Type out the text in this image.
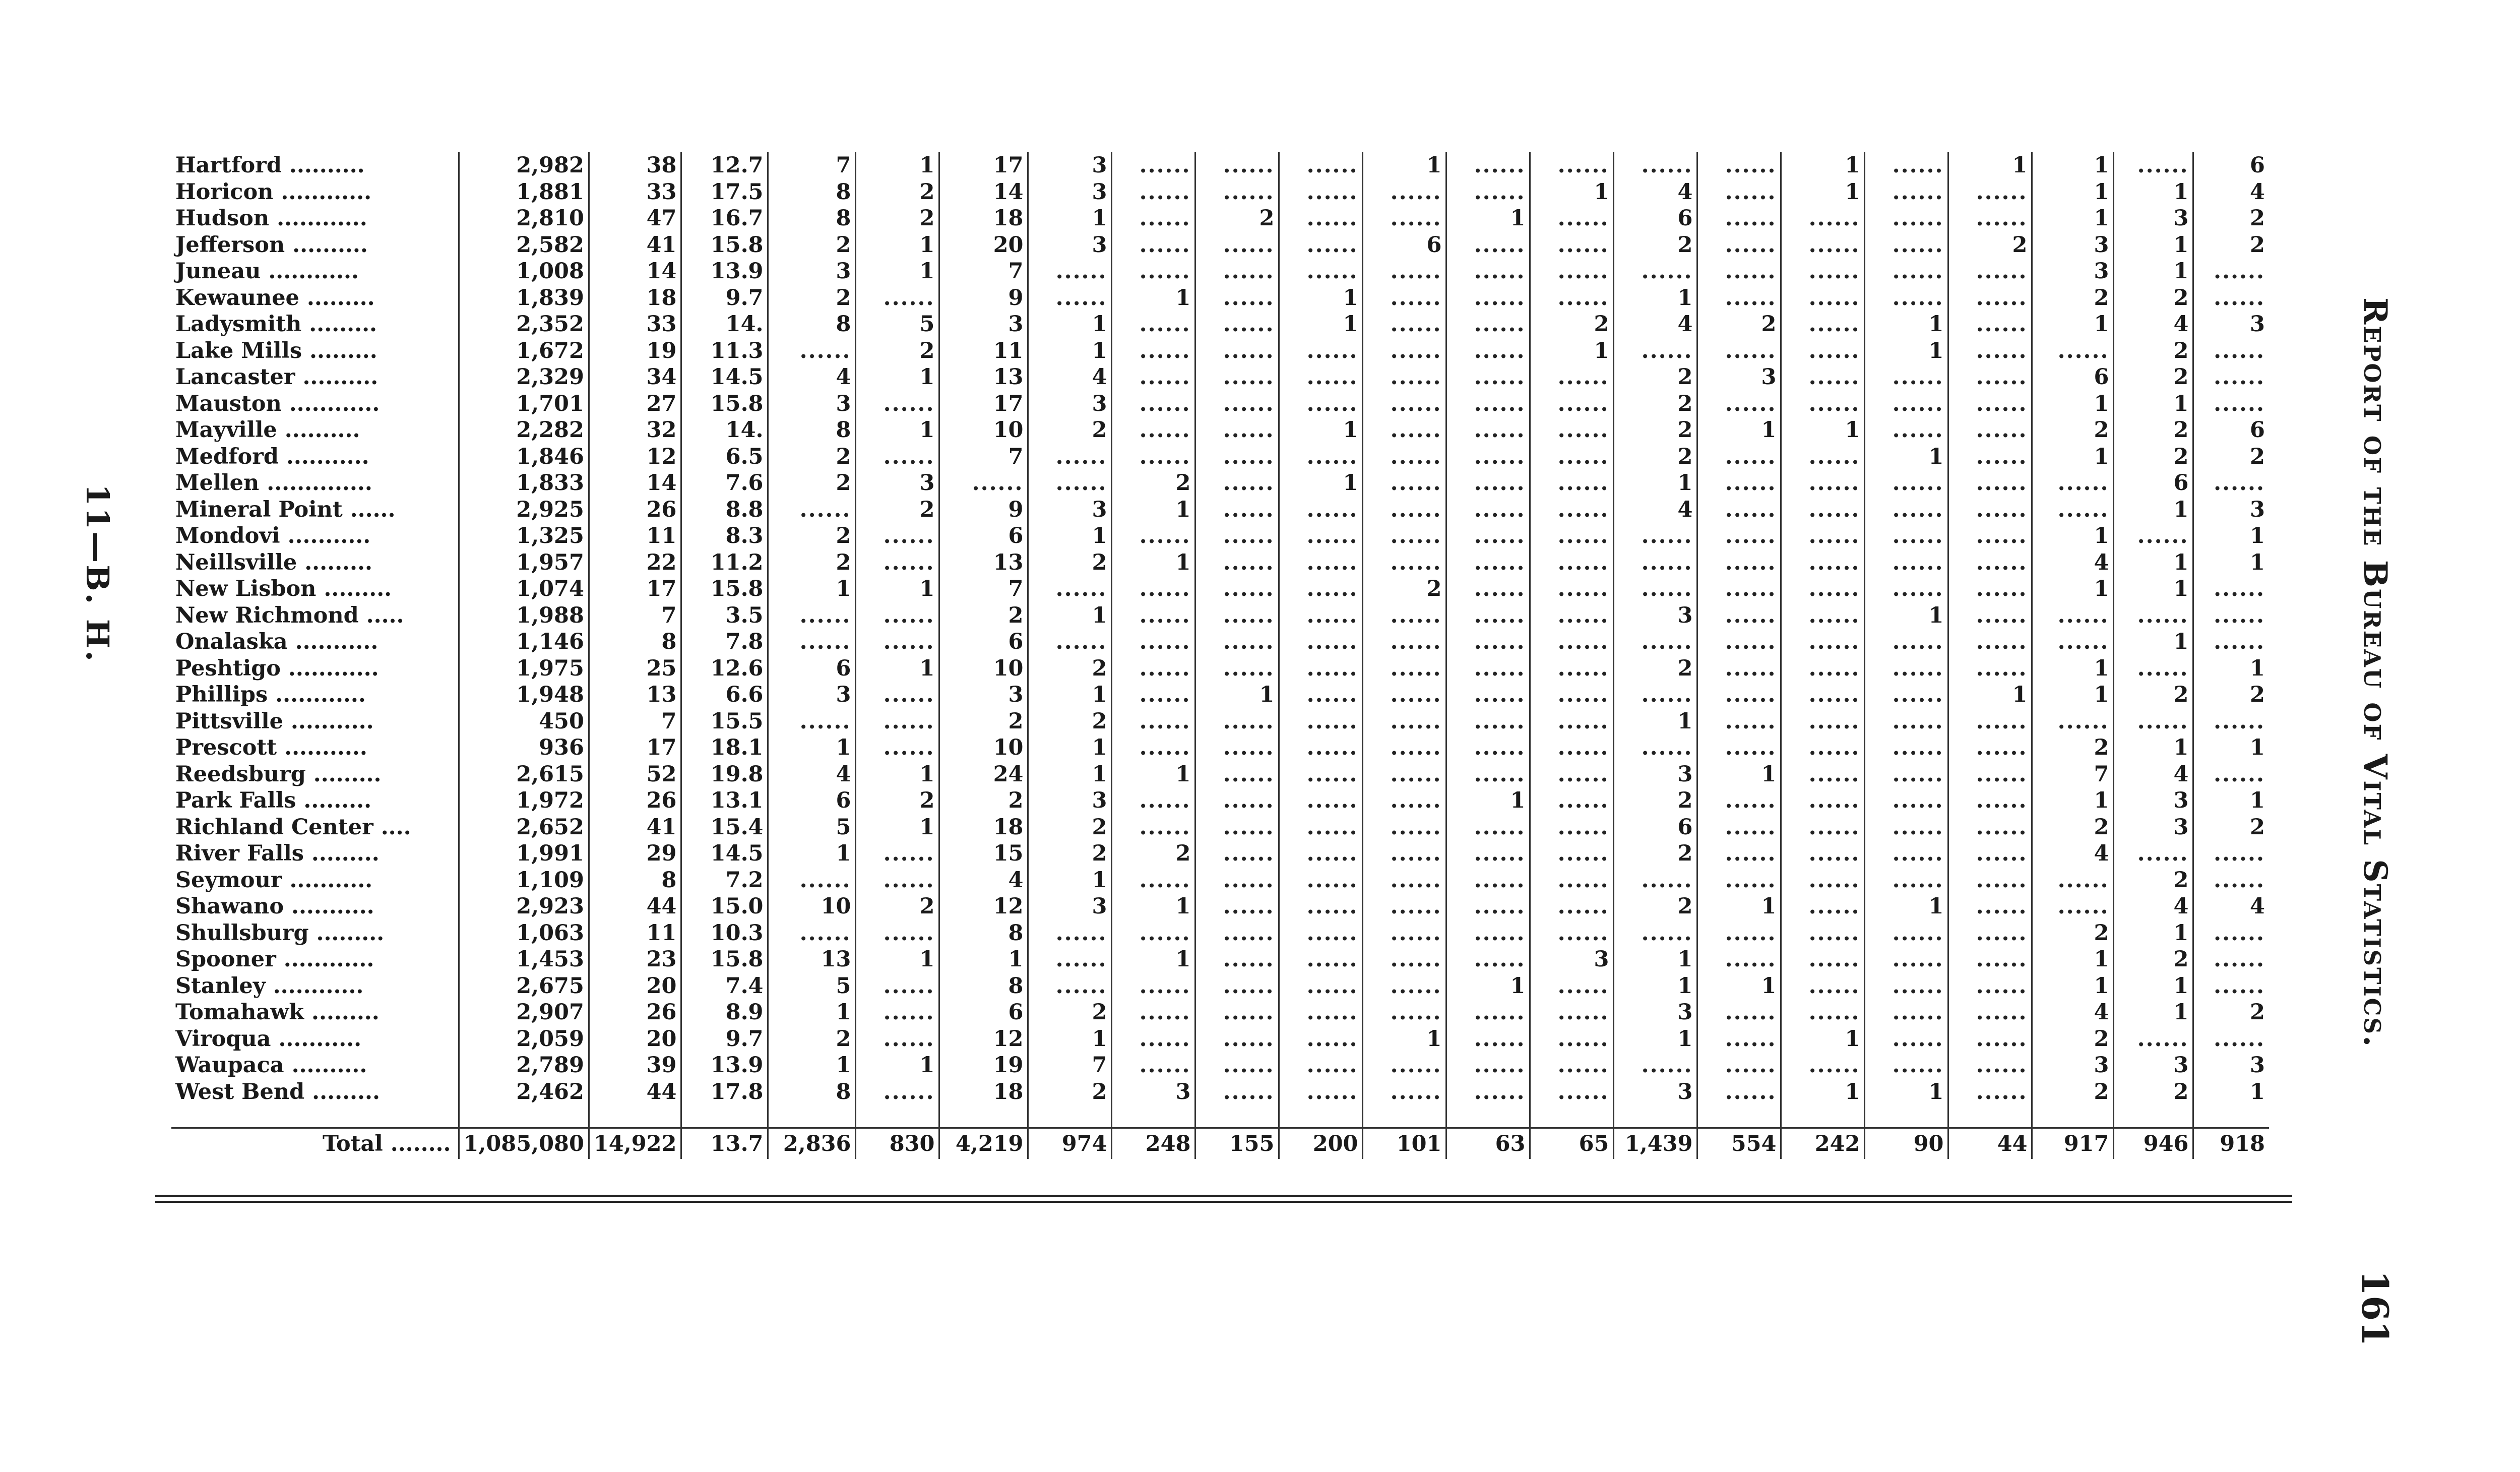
11—B. H.
Hartford ..........	2,982	38	12.7	7	1	17	3	......	......	......	1	......	......	......	......	1	......	1	1	......	6
Horicon ............	1,881	33	17.5	8	2	14	3	......	......	......	......	......	1	4	......	1	......	......	1	1	4
Hudson ............	2,810	47	16.7	8	2	18	1	......	2	......	......	1	......	6	......	......	......	......	1	3	2
Jefferson ..........	2,582	41	15.8	2	1	20	3	......	......	......	6	......	......	2	......	......	......	2	3	1	2
Juneau ............	1,008	14	13.9	3	1	7	......	......	......	......	......	......	......	......	......	......	......	......	3	1	......
Kewaunee .........	1,839	18	9.7	2	......	9	......	1	......	1	......	......	......	1	......	......	......	......	2	2	......
Ladysmith .........	2,352	33	14.	8	5	3	1	......	......	1	......	......	2	4	2	......	1	......	1	4	3
Lake Mills .........	1,672	19	11.3	......	2	11	1	......	......	......	......	......	1	......	......	......	1	......	......	2	......
Lancaster ..........	2,329	34	14.5	4	1	13	4	......	......	......	......	......	......	2	3	......	......	......	6	2	......
Mauston ............	1,701	27	15.8	3	......	17	3	......	......	......	......	......	......	2	......	......	......	......	1	1	......
Mayville ..........	2,282	32	14.	8	1	10	2	......	......	1	......	......	......	2	1	1	......	......	2	2	6
Medford ...........	1,846	12	6.5	2	......	7	......	......	......	......	......	......	......	2	......	......	1	......	1	2	2
Mellen ..............	1,833	14	7.6	2	3	......	......	2	......	1	......	......	......	1	......	......	......	......	......	6	......
Mineral Point ......	2,925	26	8.8	......	2	9	3	1	......	......	......	......	......	4	......	......	......	......	......	1	3
Mondovi ...........	1,325	11	8.3	2	......	6	1	......	......	......	......	......	......	......	......	......	......	......	1	......	1
Neillsville .........	1,957	22	11.2	2	......	13	2	1	......	......	......	......	......	......	......	......	......	......	4	1	1
New Lisbon .........	1,074	17	15.8	1	1	7	......	......	......	......	2	......	......	......	......	......	......	......	1	1	......
New Richmond .....	1,988	7	3.5	......	......	2	1	......	......	......	......	......	......	3	......	......	1	......	......	......	......
Onalaska ...........	1,146	8	7.8	......	......	6	......	......	......	......	......	......	......	......	......	......	......	......	......	1	......
Peshtigo ............	1,975	25	12.6	6	1	10	2	......	......	......	......	......	......	2	......	......	......	......	1	......	1
Phillips ............	1,948	13	6.6	3	......	3	1	......	1	......	......	......	......	......	......	......	......	1	1	2	2
Pittsville ...........	450	7	15.5	......	......	2	2	......	......	......	......	......	......	1	......	......	......	......	......	......	......
Prescott ...........	936	17	18.1	1	......	10	1	......	......	......	......	......	......	......	......	......	......	......	2	1	1
Reedsburg .........	2,615	52	19.8	4	1	24	1	1	......	......	......	......	......	3	1	......	......	......	7	4	......
Park Falls .........	1,972	26	13.1	6	2	2	3	......	......	......	......	1	......	2	......	......	......	......	1	3	1
Richland Center ....	2,652	41	15.4	5	1	18	2	......	......	......	......	......	......	6	......	......	......	......	2	3	2
River Falls .........	1,991	29	14.5	1	......	15	2	2	......	......	......	......	......	2	......	......	......	......	4	......	......
Seymour ...........	1,109	8	7.2	......	......	4	1	......	......	......	......	......	......	......	......	......	......	......	......	2	......
Shawano ...........	2,923	44	15.0	10	2	12	3	1	......	......	......	......	......	2	1	......	1	......	......	4	4
Shullsburg .........	1,063	11	10.3	......	......	8	......	......	......	......	......	......	......	......	......	......	......	......	2	1	......
Spooner ............	1,453	23	15.8	13	1	1	......	1	......	......	......	......	3	1	......	......	......	......	1	2	......
Stanley ............	2,675	20	7.4	5	......	8	......	......	......	......	......	1	......	1	1	......	......	......	1	1	......
Tomahawk .........	2,907	26	8.9	1	......	6	2	......	......	......	......	......	......	3	......	......	......	......	4	1	2
Viroqua ...........	2,059	20	9.7	2	......	12	1	......	......	......	1	......	......	1	......	1	......	......	2	......	......
Waupaca ..........	2,789	39	13.9	1	1	19	7	......	......	......	......	......	......	......	......	......	......	......	3	3	3
West Bend .........	2,462	44	17.8	8	......	18	2	3	......	......	......	......	......	3	......	1	1	......	2	2	1

Total ........	1,085,080	14,922	13.7	2,836	830	4,219	974	248	155	200	101	63	65	1,439	554	242	90	44	917	946	918
Report of the Bureau of Vital Statistics.
161
